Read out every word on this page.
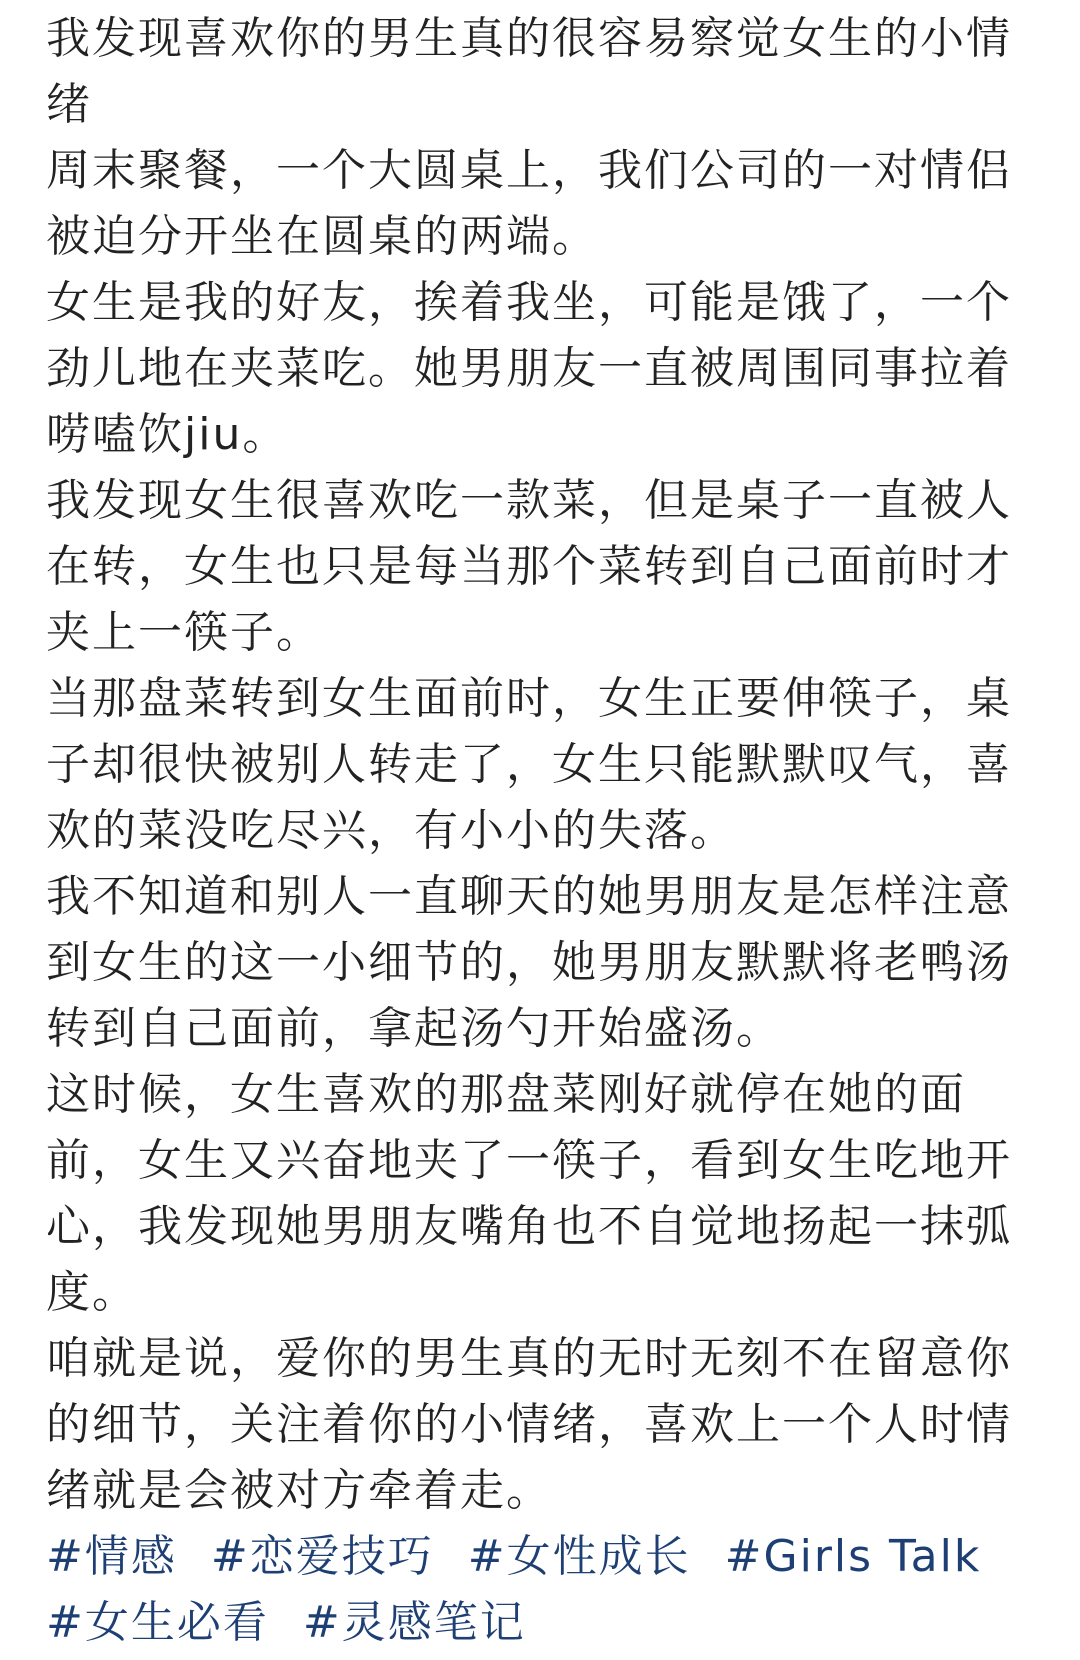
我发现喜欢你的男生真的很容易察觉女生的小情绪
周末聚餐，一个大圆桌上，我们公司的一对情侣被迫分开坐在圆桌的两端。
女生是我的好友，挨着我坐，可能是饿了，一个劲儿地在夹菜吃。她男朋友一直被周围同事拉着唠嗑饮jiu。
我发现女生很喜欢吃一款菜，但是桌子一直被人在转，女生也只是每当那个菜转到自己面前时才夹上一筷子。
当那盘菜转到女生面前时，女生正要伸筷子，桌子却很快被别人转走了，女生只能默默叹气，喜欢的菜没吃尽兴，有小小的失落。
我不知道和别人一直聊天的她男朋友是怎样注意到女生的这一小细节的，她男朋友默默将老鸭汤转到自己面前，拿起汤勺开始盛汤。
这时候，女生喜欢的那盘菜刚好就停在她的面前，女生又兴奋地夹了一筷子，看到女生吃地开心，我发现她男朋友嘴角也不自觉地扬起一抹弧度。
咱就是说，爱你的男生真的无时无刻不在留意你的细节，关注着你的小情绪，喜欢上一个人时情绪就是会被对方牵着走。
#情感 #恋爱技巧 #女性成长 #Girls Talk #女生必看 #灵感笔记
